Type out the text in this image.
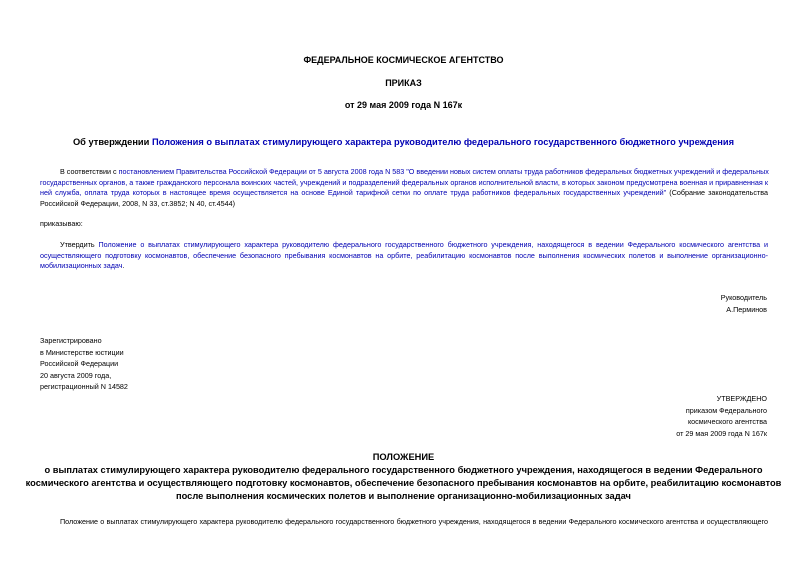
ФЕДЕРАЛЬНОЕ КОСМИЧЕСКОЕ АГЕНТСТВО
ПРИКАЗ
от 29 мая 2009 года N 167к
Об утверждении Положения о выплатах стимулирующего характера руководителю федерального государственного бюджетного учреждения
В соответствии с постановлением Правительства Российской Федерации от 5 августа 2008 года N 583 "О введении новых систем оплаты труда работников федеральных бюджетных учреждений и федеральных
государственных органов, а также гражданского персонала воинских частей, учреждений и подразделений федеральных органов исполнительной власти, в которых законом предусмотрена военная и приравненная к
ней служба, оплата труда которых в настоящее время осуществляется на основе Единой тарифной сетки по оплате труда работников федеральных государственных учреждений" (Собрание законодательства
Российской Федерации, 2008, N 33, ст.3852; N 40, ст.4544)
приказываю:
Утвердить Положение о выплатах стимулирующего характера руководителю федерального государственного бюджетного учреждения, находящегося в ведении Федерального космического агентства и
осуществляющего подготовку космонавтов, обеспечение безопасного пребывания космонавтов на орбите, реабилитацию космонавтов после выполнения космических полетов и выполнение организационно-
мобилизационных задач.
Руководитель
А.Перминов
Зарегистрировано
в Министерстве юстиции
Российской Федерации
20 августа 2009 года,
регистрационный N 14582
УТВЕРЖДЕНО
приказом Федерального
космического агентства
от 29 мая 2009 года N 167к
ПОЛОЖЕНИЕ
о выплатах стимулирующего характера руководителю федерального государственного бюджетного учреждения, находящегося в ведении Федерального
космического агентства и осуществляющего подготовку космонавтов, обеспечение безопасного пребывания космонавтов на орбите, реабилитацию космонавтов
после выполнения космических полетов и выполнение организационно-мобилизационных задач
Положение о выплатах стимулирующего характера руководителю федерального государственного бюджетного учреждения, находящегося в ведении Федерального космического агентства и осуществляющего
